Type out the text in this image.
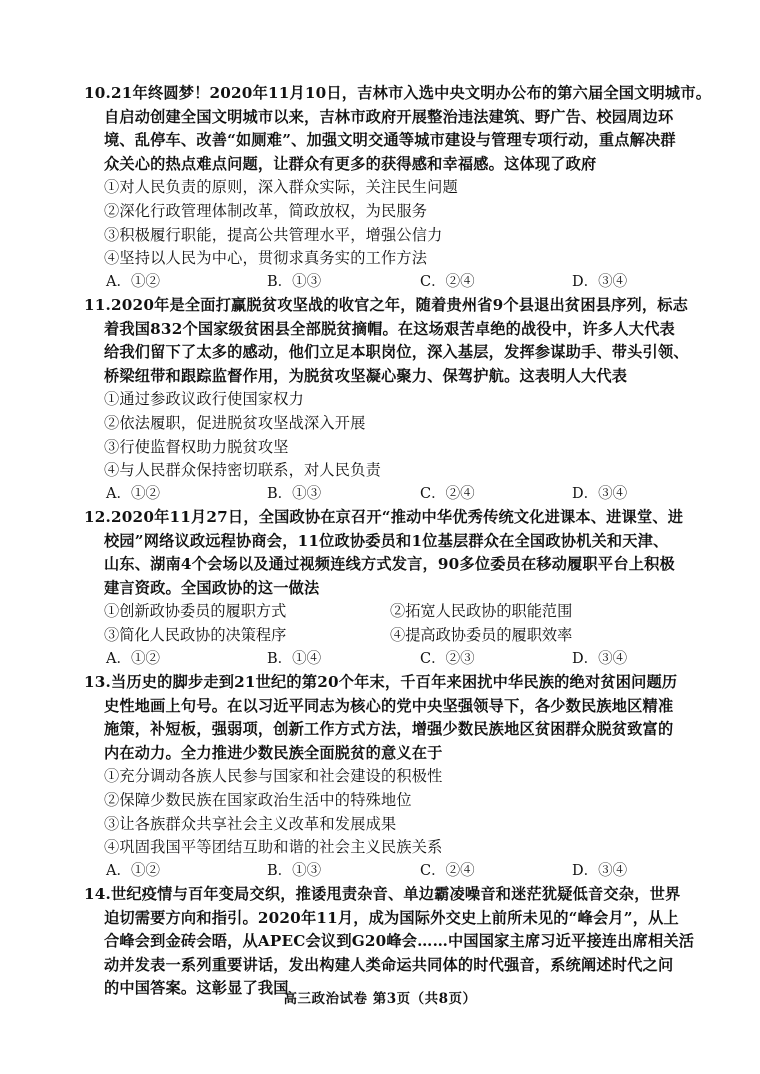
10.21年终圆梦！2020年11月10日，吉林市入选中央文明办公布的第六届全国文明城市。
自启动创建全国文明城市以来，吉林市政府开展整治违法建筑、野广告、校园周边环
境、乱停车、改善“如厕难”、加强文明交通等城市建设与管理专项行动，重点解决群
众关心的热点难点问题，让群众有更多的获得感和幸福感。这体现了政府
①对人民负责的原则，深入群众实际，关注民生问题
②深化行政管理体制改革，简政放权，为民服务
③积极履行职能，提高公共管理水平，增强公信力
④坚持以人民为中心，贯彻求真务实的工作方法
A．①②	B．①③	C．②④	D．③④
11.2020年是全面打赢脱贫攻坚战的收官之年，随着贵州省9个县退出贫困县序列，标志
着我国832个国家级贫困县全部脱贫摘帽。在这场艰苦卓绝的战役中，许多人大代表
给我们留下了太多的感动，他们立足本职岗位，深入基层，发挥参谋助手、带头引领、
桥梁纽带和跟踪监督作用，为脱贫攻坚凝心聚力、保驾护航。这表明人大代表
①通过参政议政行使国家权力
②依法履职，促进脱贫攻坚战深入开展
③行使监督权助力脱贫攻坚
④与人民群众保持密切联系，对人民负责
A．①②	B．①③	C．②④	D．③④
12.2020年11月27日，全国政协在京召开“推动中华优秀传统文化进课本、进课堂、进
校园”网络议政远程协商会，11位政协委员和1位基层群众在全国政协机关和天津、
山东、湖南4个会场以及通过视频连线方式发言，90多位委员在移动履职平台上积极
建言资政。全国政协的这一做法
①创新政协委员的履职方式	②拓宽人民政协的职能范围
③简化人民政协的决策程序	④提高政协委员的履职效率
A．①②	B．①④	C．②③	D．③④
13.当历史的脚步走到21世纪的第20个年末，千百年来困扰中华民族的绝对贫困问题历
史性地画上句号。在以习近平同志为核心的党中央坚强领导下，各少数民族地区精准
施策，补短板，强弱项，创新工作方式方法，增强少数民族地区贫困群众脱贫致富的
内在动力。全力推进少数民族全面脱贫的意义在于
①充分调动各族人民参与国家和社会建设的积极性
②保障少数民族在国家政治生活中的特殊地位
③让各族群众共享社会主义改革和发展成果
④巩固我国平等团结互助和谐的社会主义民族关系
A．①②	B．①③	C．②④	D．③④
14.世纪疫情与百年变局交织，推诿甩责杂音、单边霸凌噪音和迷茫犹疑低音交杂，世界
迫切需要方向和指引。2020年11月，成为国际外交史上前所未见的“峰会月”，从上
合峰会到金砖会晤，从APEC会议到G20峰会……中国国家主席习近平接连出席相关活
动并发表一系列重要讲话，发出构建人类命运共同体的时代强音，系统阐述时代之问
的中国答案。这彰显了我国
高三政治试卷 第3页（共8页）
